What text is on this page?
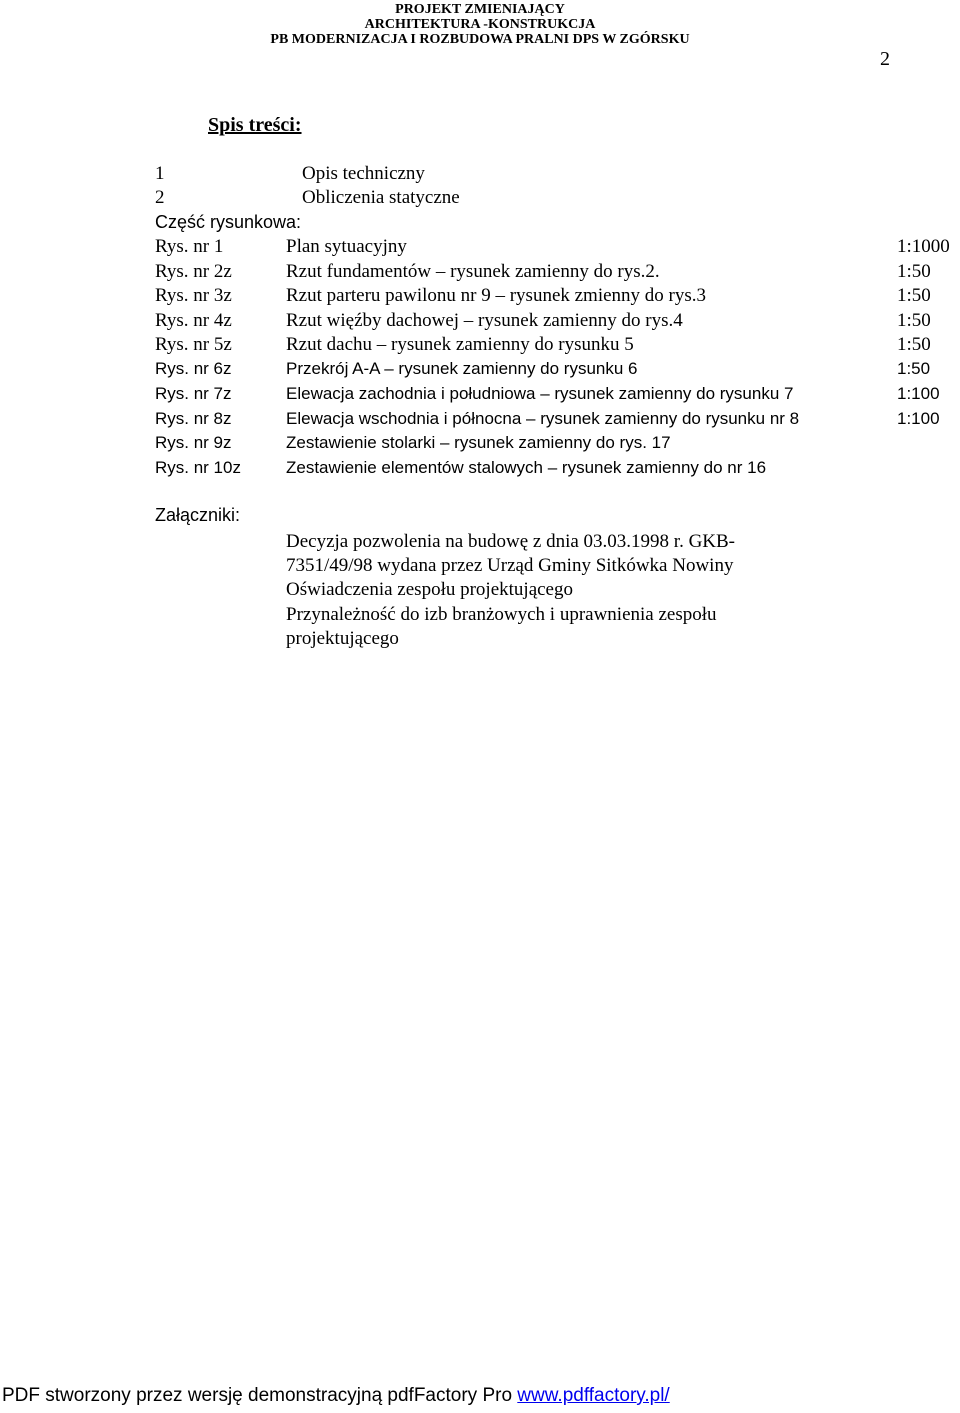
PROJEKT ZMIENIAJĄCY
ARCHITEKTURA -KONSTRUKCJA
PB MODERNIZACJA I ROZBUDOWA PRALNI DPS W ZGÓRSKU
2
Spis treści:
1	Opis techniczny
2	Obliczenia statyczne
Część rysunkowa:
Rys. nr 1	Plan sytuacyjny	1:1000
Rys. nr 2z	Rzut fundamentów – rysunek zamienny do rys.2.	1:50
Rys. nr 3z	Rzut parteru pawilonu nr 9 – rysunek zmienny do rys.3	1:50
Rys. nr 4z	Rzut więźby dachowej – rysunek zamienny do rys.4	1:50
Rys. nr 5z	Rzut dachu – rysunek zamienny do rysunku 5	1:50
Rys. nr 6z	Przekrój A-A – rysunek zamienny do rysunku 6	1:50
Rys. nr 7z	Elewacja zachodnia i południowa – rysunek zamienny do rysunku 7	1:100
Rys. nr 8z	Elewacja wschodnia i północna – rysunek zamienny do rysunku nr 8	1:100
Rys. nr 9z	Zestawienie stolarki – rysunek zamienny do rys. 17
Rys. nr 10z	Zestawienie elementów stalowych – rysunek zamienny do nr 16
Załączniki:
Decyzja pozwolenia na budowę z dnia 03.03.1998 r. GKB-
7351/49/98 wydana przez Urząd Gminy Sitkówka Nowiny
Oświadczenia zespołu projektującego
Przynależność do izb branżowych i uprawnienia zespołu
projektującego
PDF stworzony przez wersję demonstracyjną pdfFactory Pro www.pdffactory.pl/
